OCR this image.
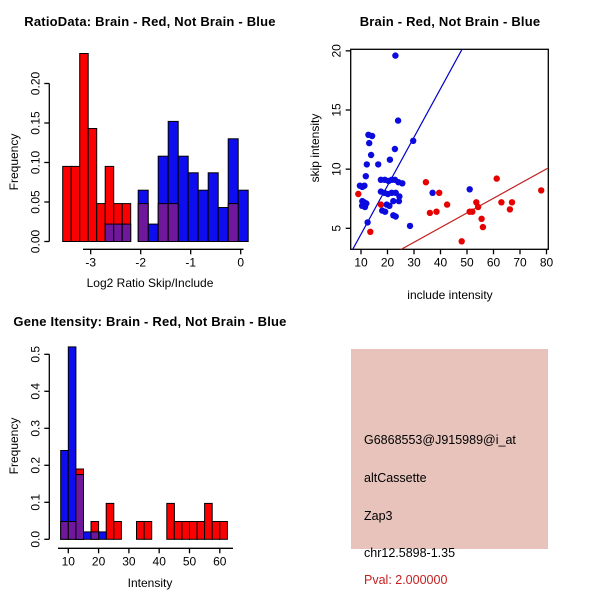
RatioData: Brain - Red, Not Brain - Blue
Frequency
Log2 Ratio Skip/Include
-3	-2	-1	0
0.00
0.05
0.10
0.15
0.20
Brain - Red, Not Brain - Blue
skip intensity
include intensity
10 20 30 40 50 60 70 80
5
10
15
20
Gene Itensity: Brain - Red, Not Brain - Blue
Frequency
Intensity
10 20 30 40 50 60
0.0
0.1
0.2
0.3
0.4
0.5
G6868553@J915989@i_at
altCassette
Zap3
chr12.5898-1.35
Pval: 2.000000
